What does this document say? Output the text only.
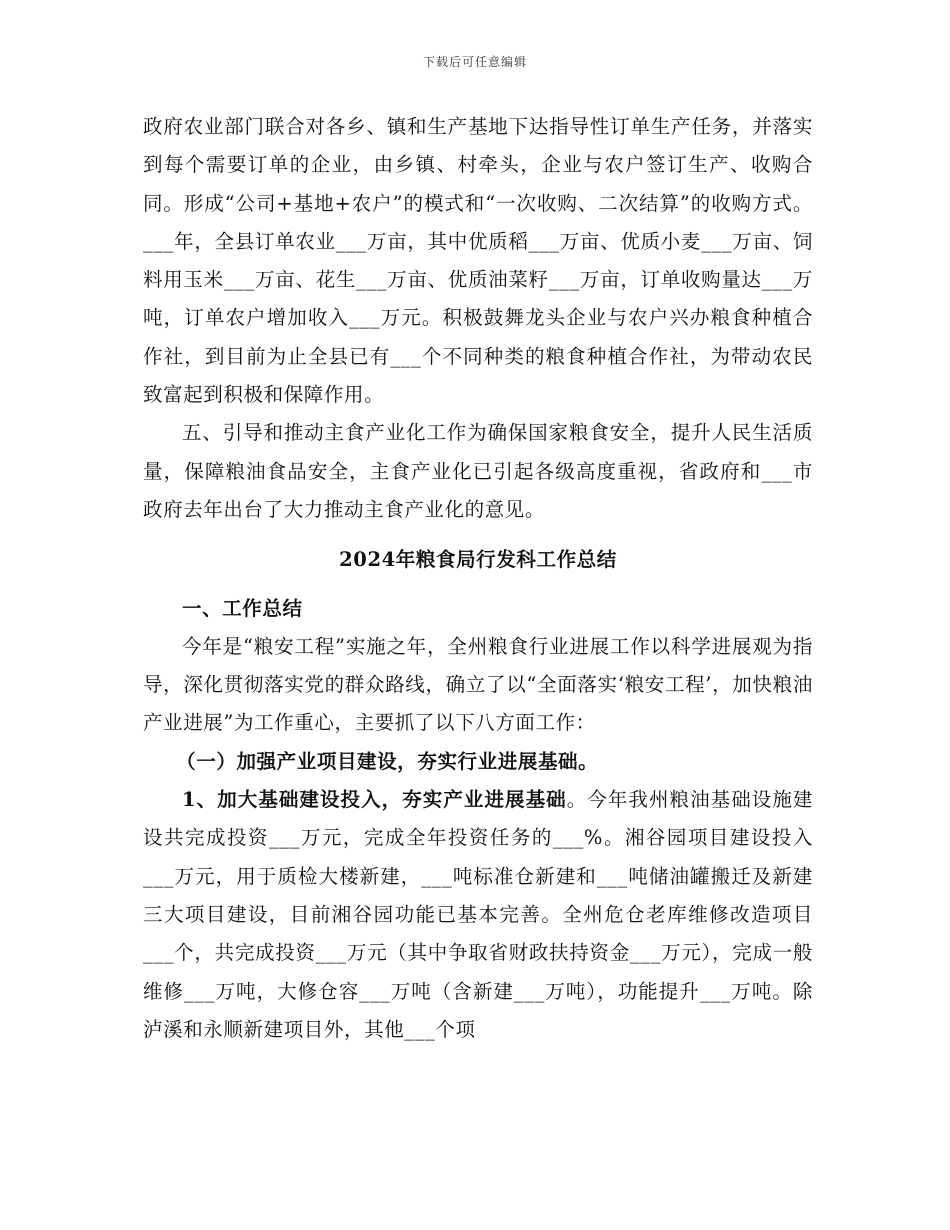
下载后可任意编辑

政府农业部门联合对各乡、镇和生产基地下达指导性订单生产任务，并落实到每个需要订单的企业，由乡镇、村牵头，企业与农户签订生产、收购合同。形成“公司+基地+农户”的模式和“一次收购、二次结算”的收购方式。___年，全县订单农业___万亩，其中优质稻___万亩、优质小麦___万亩、饲料用玉米___万亩、花生___万亩、优质油菜籽___万亩，订单收购量达___万吨，订单农户增加收入___万元。积极鼓舞龙头企业与农户兴办粮食种植合作社，到目前为止全县已有___个不同种类的粮食种植合作社，为带动农民致富起到积极和保障作用。

五、引导和推动主食产业化工作为确保国家粮食安全，提升人民生活质量，保障粮油食品安全，主食产业化已引起各级高度重视，省政府和___市政府去年出台了大力推动主食产业化的意见。

2024年粮食局行发科工作总结

一、工作总结

今年是“粮安工程”实施之年，全州粮食行业进展工作以科学进展观为指导，深化贯彻落实党的群众路线，确立了以“全面落实‘粮安工程’，加快粮油产业进展”为工作重心，主要抓了以下八方面工作：

（一）加强产业项目建设，夯实行业进展基础。

1、加大基础建设投入，夯实产业进展基础。今年我州粮油基础设施建设共完成投资___万元，完成全年投资任务的___%。湘谷园项目建设投入___万元，用于质检大楼新建，___吨标准仓新建和___吨储油罐搬迁及新建三大项目建设，目前湘谷园功能已基本完善。全州危仓老库维修改造项目___个，共完成投资___万元（其中争取省财政扶持资金___万元），完成一般维修___万吨，大修仓容___万吨（含新建___万吨），功能提升___万吨。除泸溪和永顺新建项目外，其他___个项
